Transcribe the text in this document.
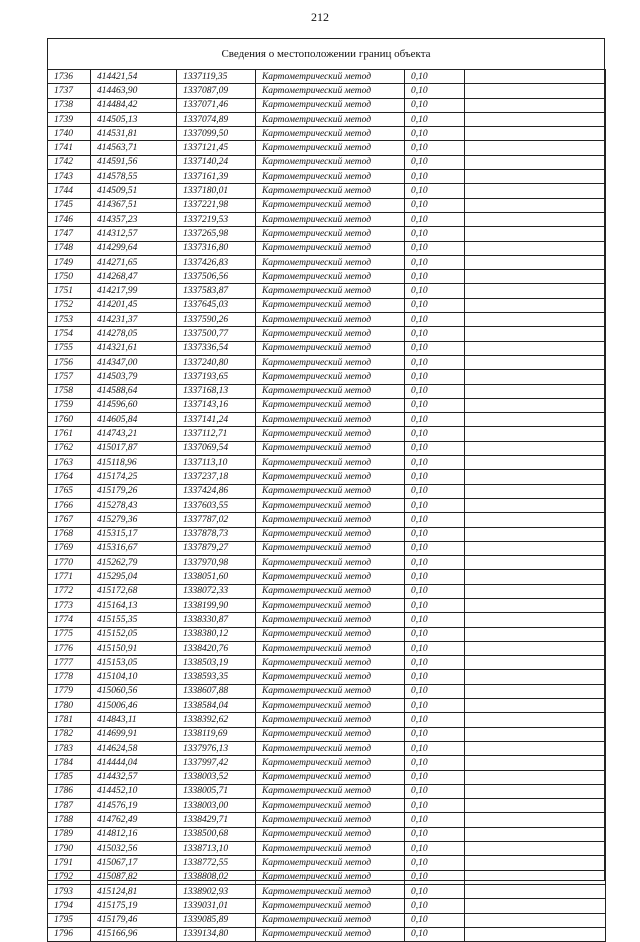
212
Сведения о местоположении границ объекта
1736	414421,54	1337119,35	Картометрический метод	0,10		
1737	414463,90	1337087,09	Картометрический метод	0,10		
1738	414484,42	1337071,46	Картометрический метод	0,10		
1739	414505,13	1337074,89	Картометрический метод	0,10		
1740	414531,81	1337099,50	Картометрический метод	0,10		
1741	414563,71	1337121,45	Картометрический метод	0,10		
1742	414591,56	1337140,24	Картометрический метод	0,10		
1743	414578,55	1337161,39	Картометрический метод	0,10		
1744	414509,51	1337180,01	Картометрический метод	0,10		
1745	414367,51	1337221,98	Картометрический метод	0,10		
1746	414357,23	1337219,53	Картометрический метод	0,10		
1747	414312,57	1337265,98	Картометрический метод	0,10		
1748	414299,64	1337316,80	Картометрический метод	0,10		
1749	414271,65	1337426,83	Картометрический метод	0,10		
1750	414268,47	1337506,56	Картометрический метод	0,10		
1751	414217,99	1337583,87	Картометрический метод	0,10		
1752	414201,45	1337645,03	Картометрический метод	0,10		
1753	414231,37	1337590,26	Картометрический метод	0,10		
1754	414278,05	1337500,77	Картометрический метод	0,10		
1755	414321,61	1337336,54	Картометрический метод	0,10		
1756	414347,00	1337240,80	Картометрический метод	0,10		
1757	414503,79	1337193,65	Картометрический метод	0,10		
1758	414588,64	1337168,13	Картометрический метод	0,10		
1759	414596,60	1337143,16	Картометрический метод	0,10		
1760	414605,84	1337141,24	Картометрический метод	0,10		
1761	414743,21	1337112,71	Картометрический метод	0,10		
1762	415017,87	1337069,54	Картометрический метод	0,10		
1763	415118,96	1337113,10	Картометрический метод	0,10		
1764	415174,25	1337237,18	Картометрический метод	0,10		
1765	415179,26	1337424,86	Картометрический метод	0,10		
1766	415278,43	1337603,55	Картометрический метод	0,10		
1767	415279,36	1337787,02	Картометрический метод	0,10		
1768	415315,17	1337878,73	Картометрический метод	0,10		
1769	415316,67	1337879,27	Картометрический метод	0,10		
1770	415262,79	1337970,98	Картометрический метод	0,10		
1771	415295,04	1338051,60	Картометрический метод	0,10		
1772	415172,68	1338072,33	Картометрический метод	0,10		
1773	415164,13	1338199,90	Картометрический метод	0,10		
1774	415155,35	1338330,87	Картометрический метод	0,10		
1775	415152,05	1338380,12	Картометрический метод	0,10		
1776	415150,91	1338420,76	Картометрический метод	0,10		
1777	415153,05	1338503,19	Картометрический метод	0,10		
1778	415104,10	1338593,35	Картометрический метод	0,10		
1779	415060,56	1338607,88	Картометрический метод	0,10		
1780	415006,46	1338584,04	Картометрический метод	0,10		
1781	414843,11	1338392,62	Картометрический метод	0,10		
1782	414699,91	1338119,69	Картометрический метод	0,10		
1783	414624,58	1337976,13	Картометрический метод	0,10		
1784	414444,04	1337997,42	Картометрический метод	0,10		
1785	414432,57	1338003,52	Картометрический метод	0,10		
1786	414452,10	1338005,71	Картометрический метод	0,10		
1787	414576,19	1338003,00	Картометрический метод	0,10		
1788	414762,49	1338429,71	Картометрический метод	0,10		
1789	414812,16	1338500,68	Картометрический метод	0,10		
1790	415032,56	1338713,10	Картометрический метод	0,10		
1791	415067,17	1338772,55	Картометрический метод	0,10		
1792	415087,82	1338808,02	Картометрический метод	0,10		
1793	415124,81	1338902,93	Картометрический метод	0,10		
1794	415175,19	1339031,01	Картометрический метод	0,10		
1795	415179,46	1339085,89	Картометрический метод	0,10		
1796	415166,96	1339134,80	Картометрический метод	0,10		
